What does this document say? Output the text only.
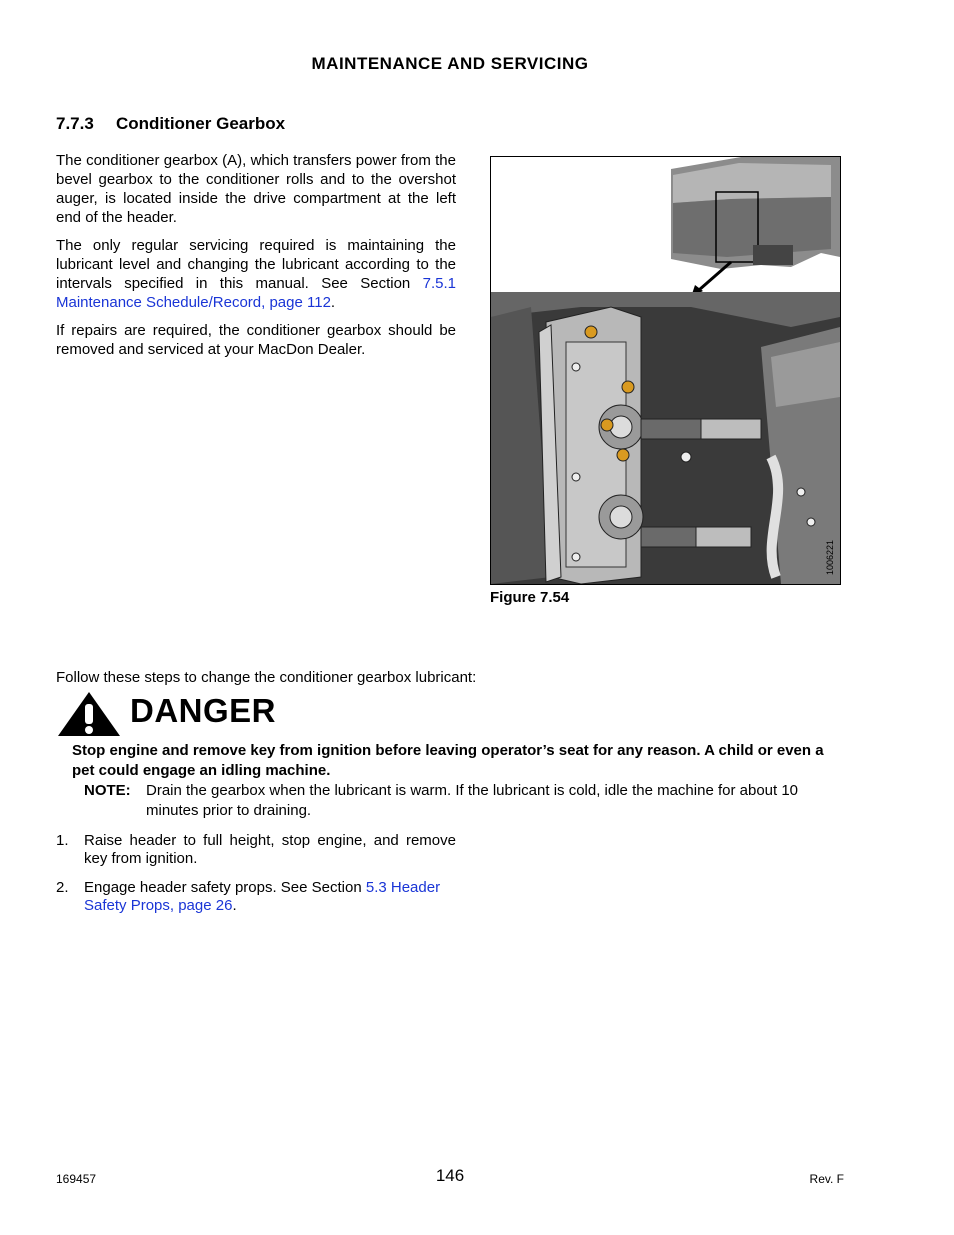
MAINTENANCE AND SERVICING
7.7.3 Conditioner Gearbox

The conditioner gearbox (A), which transfers power from the bevel gearbox to the conditioner rolls and to the overshot auger, is located inside the drive compartment at the left end of the header.

The only regular servicing required is maintaining the lubricant level and changing the lubricant according to the intervals specified in this manual. See Section 7.5.1 Maintenance Schedule/Record, page 112.

If repairs are required, the conditioner gearbox should be removed and serviced at your MacDon Dealer.

1006221
Figure 7.54
Follow these steps to change the conditioner gearbox lubricant:
DANGER
Stop engine and remove key from ignition before leaving operator’s seat for any reason. A child or even a pet could engage an idling machine.
NOTE: Drain the gearbox when the lubricant is warm. If the lubricant is cold, idle the machine for about 10 minutes prior to draining.
1. Raise header to full height, stop engine, and remove key from ignition.
2. Engage header safety props. See Section 5.3 Header Safety Props, page 26.
169457	146	Rev. F
